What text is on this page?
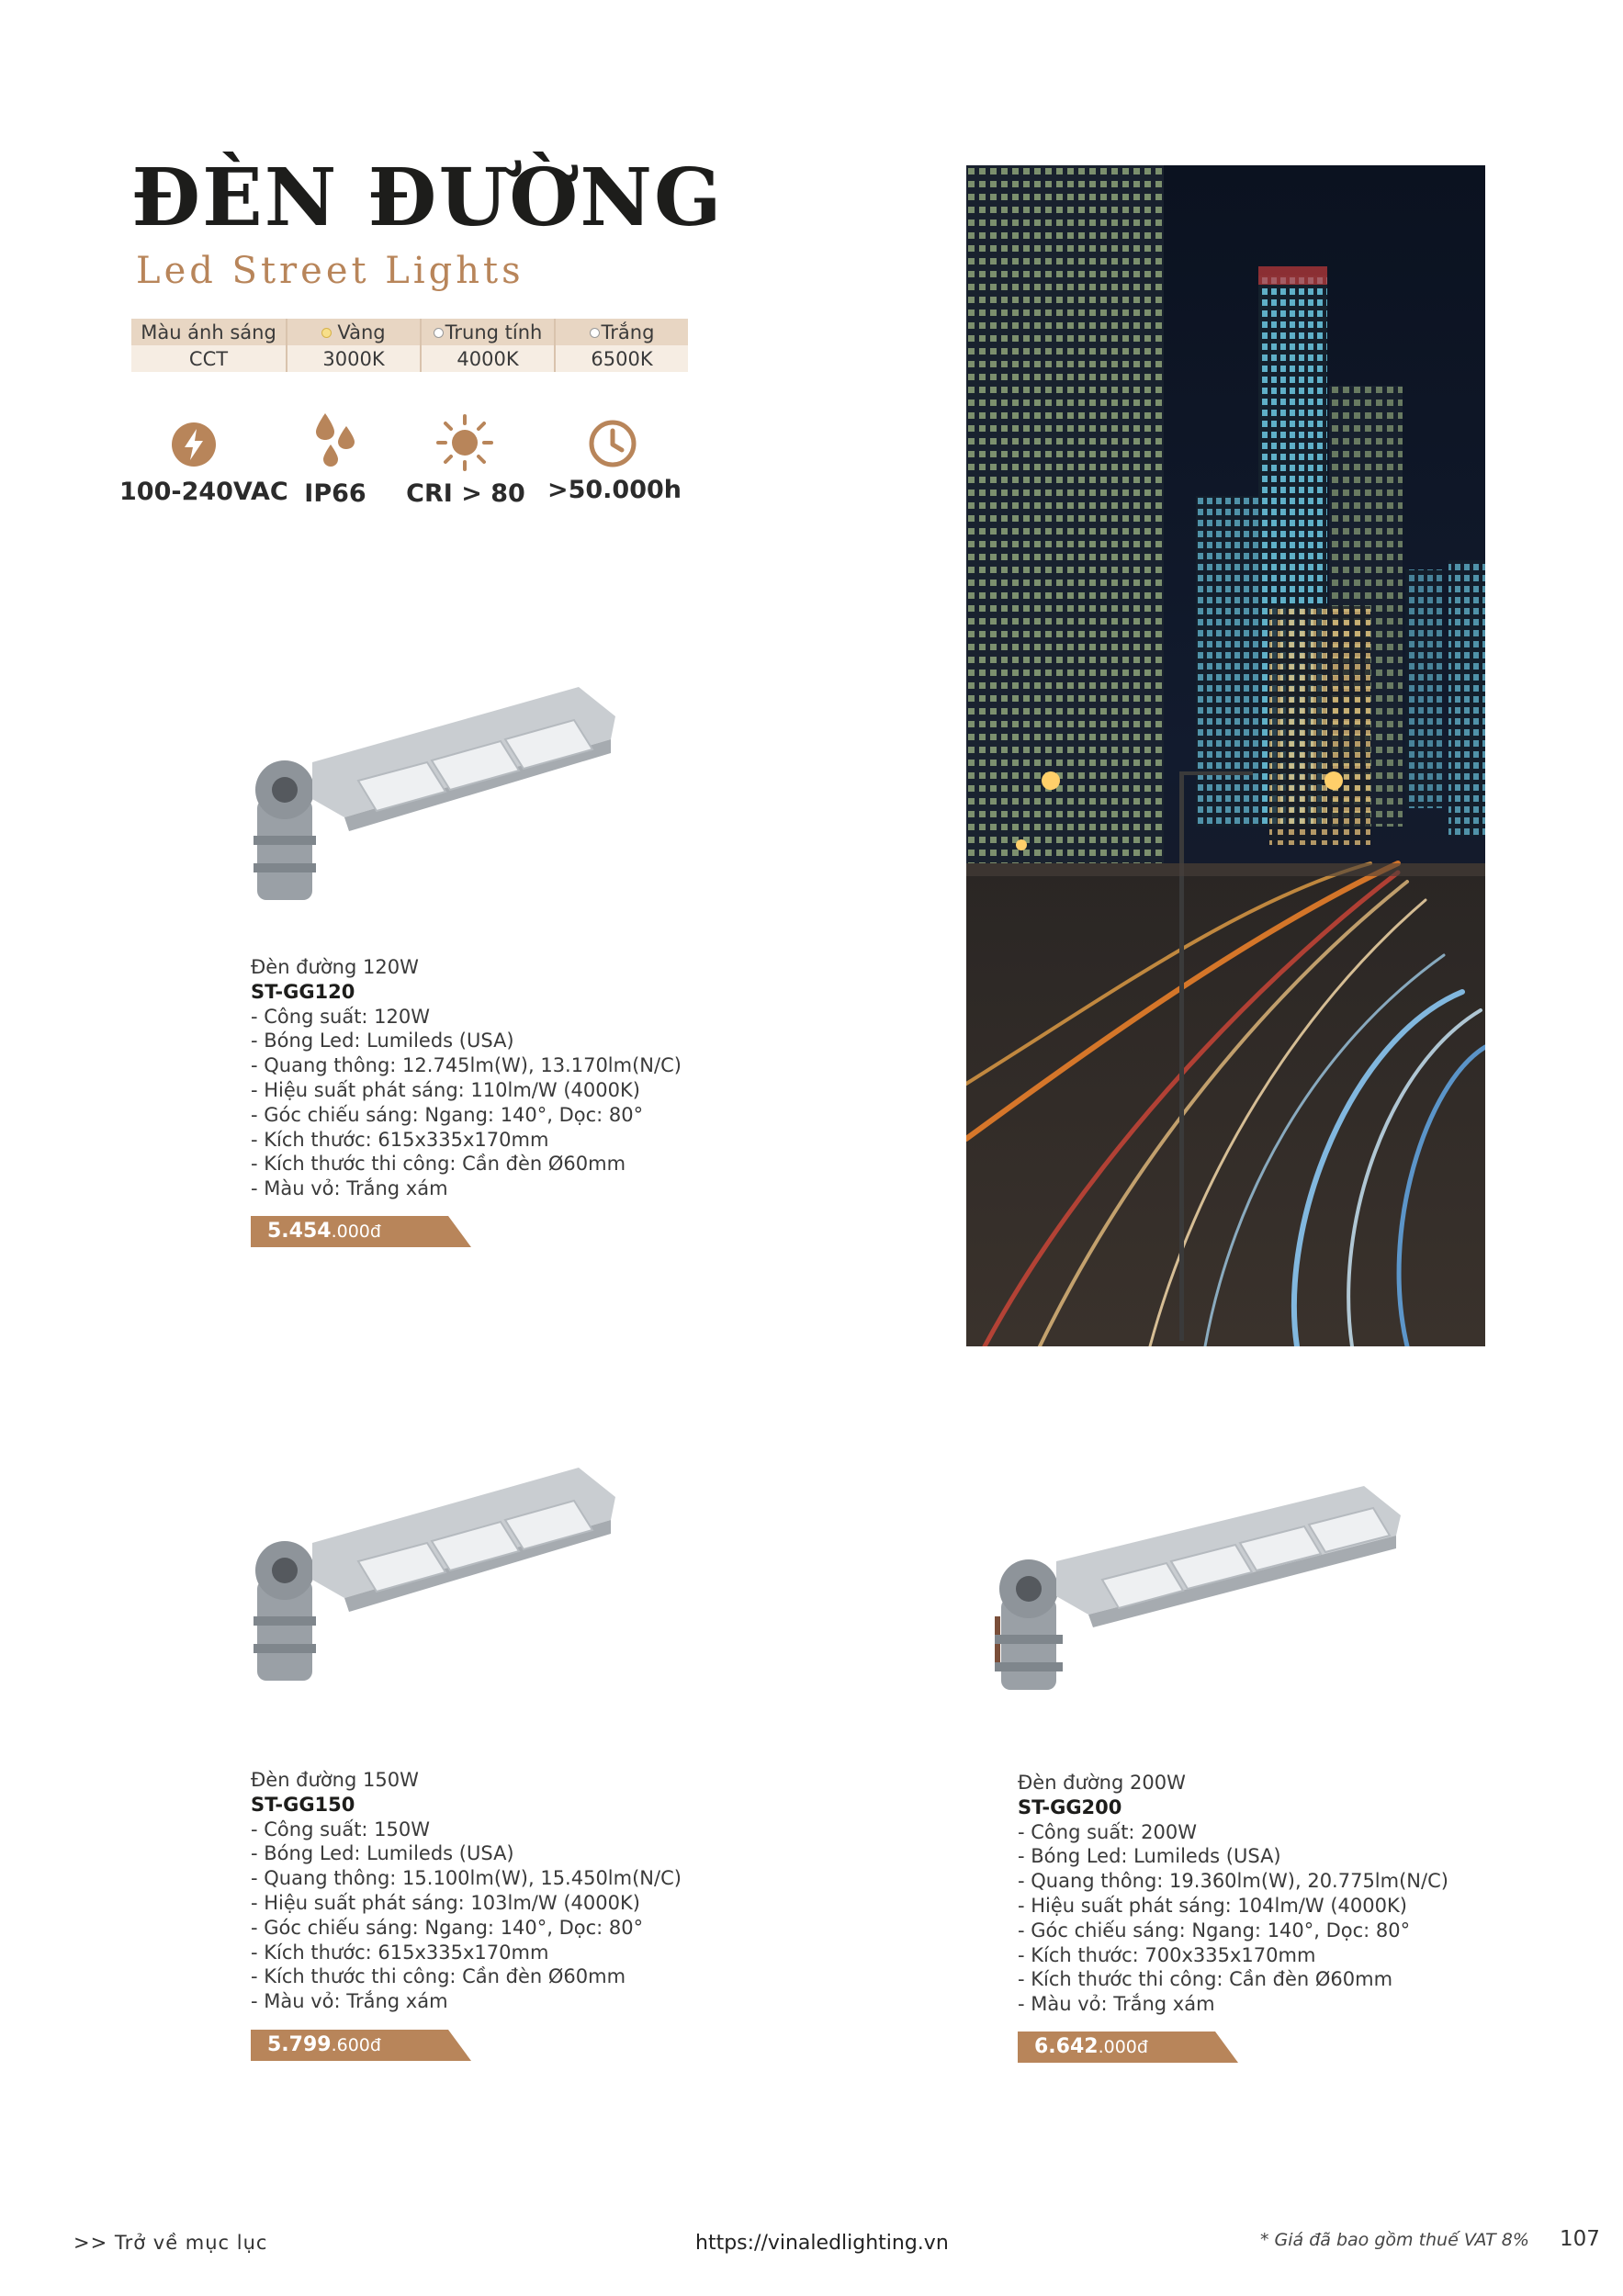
ĐÈN ĐƯỜNG
Led Street Lights
Màu ánh sáng	Vàng	Trung tính	Trắng
CCT	3000K	4000K	6500K
100-240VAC IP66	CRI > 80 >50.000h
Đèn đường 120W
ST-GG120
- Công suất: 120W
- Bóng Led: Lumileds (USA)
- Quang thông: 12.745lm(W), 13.170lm(N/C)
- Hiệu suất phát sáng: 110lm/W (4000K)
- Góc chiếu sáng: Ngang: 140°, Dọc: 80°
- Kích thước: 615x335x170mm
- Kích thước thi công: Cần đèn Ø60mm
- Màu vỏ: Trắng xám
5.454.000đ
Đèn đường 150W
ST-GG150
- Công suất: 150W
- Bóng Led: Lumileds (USA)
- Quang thông: 15.100lm(W), 15.450lm(N/C)
- Hiệu suất phát sáng: 103lm/W (4000K)
- Góc chiếu sáng: Ngang: 140°, Dọc: 80°
- Kích thước: 615x335x170mm
- Kích thước thi công: Cần đèn Ø60mm
- Màu vỏ: Trắng xám
5.799.600đ
Đèn đường 200W
ST-GG200
- Công suất: 200W
- Bóng Led: Lumileds (USA)
- Quang thông: 19.360lm(W), 20.775lm(N/C)
- Hiệu suất phát sáng: 104lm/W (4000K)
- Góc chiếu sáng: Ngang: 140°, Dọc: 80°
- Kích thước: 700x335x170mm
- Kích thước thi công: Cần đèn Ø60mm
- Màu vỏ: Trắng xám
6.642.000đ
>> Trở về mục lục	https://vinaledlighting.vn	* Giá đã bao gồm thuế VAT 8% 107
